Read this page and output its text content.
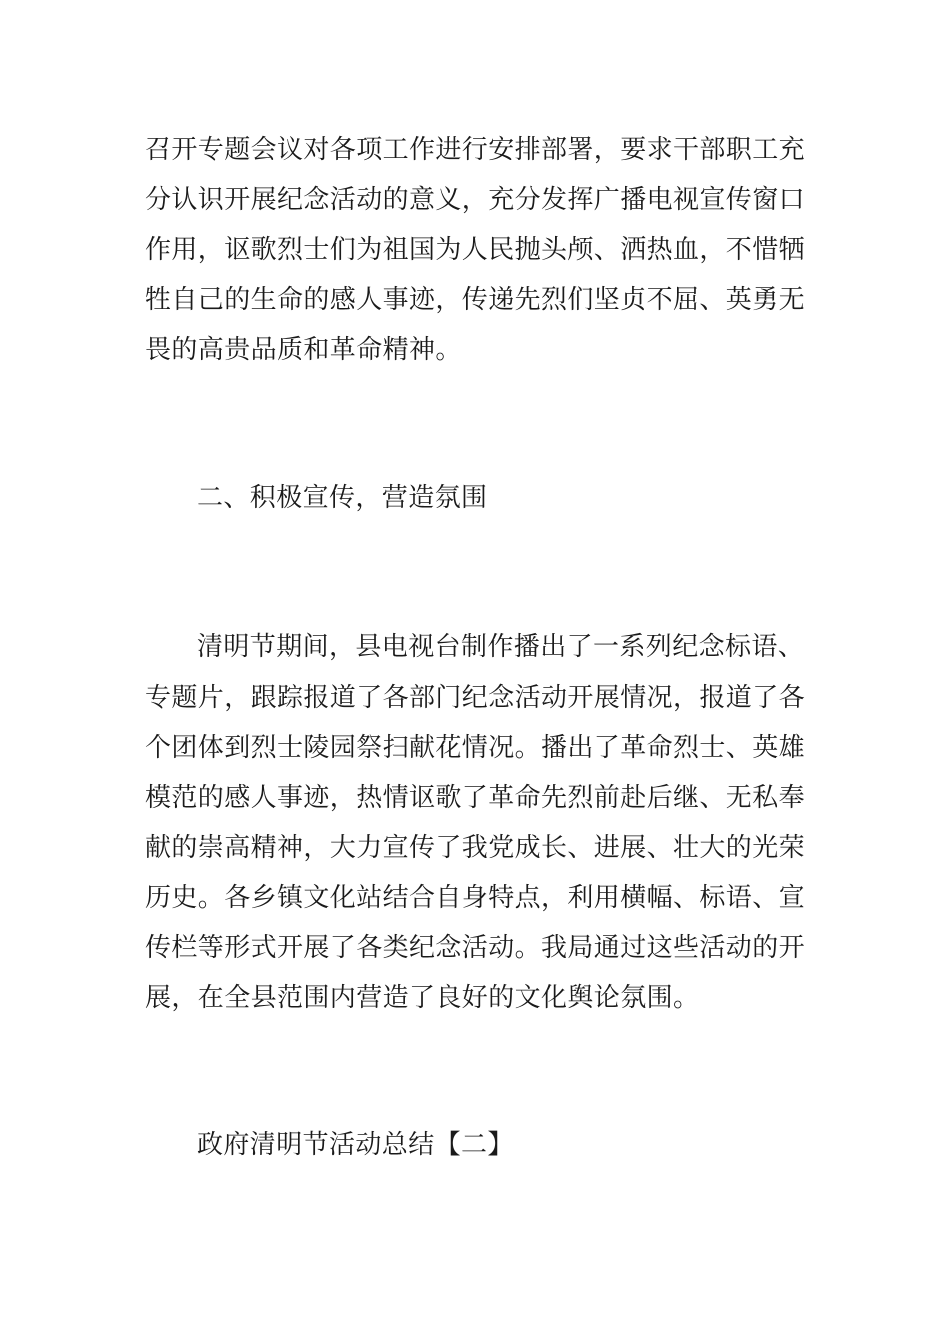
召开专题会议对各项工作进行安排部署，要求干部职工充
分认识开展纪念活动的意义，充分发挥广播电视宣传窗口
作用，讴歌烈士们为祖国为人民抛头颅、洒热血，不惜牺
牲自己的生命的感人事迹，传递先烈们坚贞不屈、英勇无
畏的高贵品质和革命精神。
二、积极宣传，营造氛围
清明节期间，县电视台制作播出了一系列纪念标语、
专题片，跟踪报道了各部门纪念活动开展情况，报道了各
个团体到烈士陵园祭扫献花情况。播出了革命烈士、英雄
模范的感人事迹，热情讴歌了革命先烈前赴后继、无私奉
献的崇高精神，大力宣传了我党成长、进展、壮大的光荣
历史。各乡镇文化站结合自身特点，利用横幅、标语、宣
传栏等形式开展了各类纪念活动。我局通过这些活动的开
展，在全县范围内营造了良好的文化舆论氛围。
政府清明节活动总结【二】
